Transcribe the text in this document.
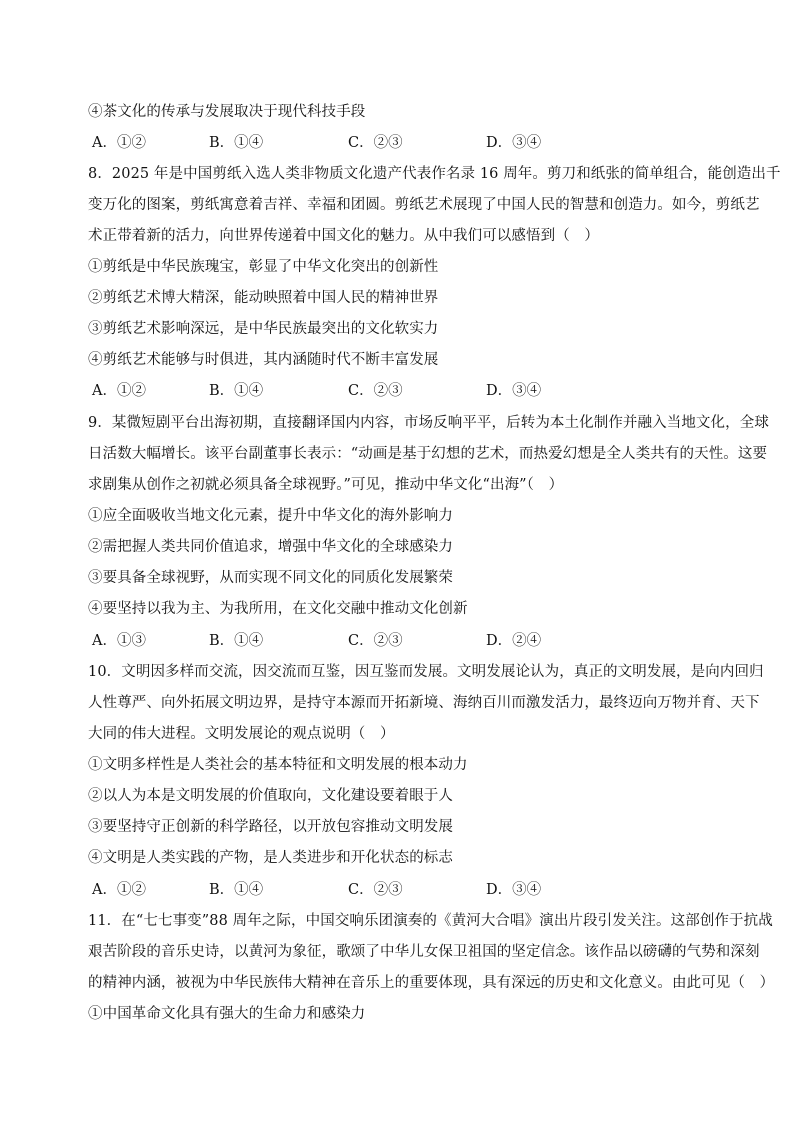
④茶文化的传承与发展取决于现代科技手段
A．①②	B．①④	C．②③	D．③④
8．2025 年是中国剪纸入选人类非物质文化遗产代表作名录 16 周年。剪刀和纸张的简单组合，能创造出千
变万化的图案，剪纸寓意着吉祥、幸福和团圆。剪纸艺术展现了中国人民的智慧和创造力。如今，剪纸艺
术正带着新的活力，向世界传递着中国文化的魅力。从中我们可以感悟到（　）
①剪纸是中华民族瑰宝，彰显了中华文化突出的创新性
②剪纸艺术博大精深，能动映照着中国人民的精神世界
③剪纸艺术影响深远，是中华民族最突出的文化软实力
④剪纸艺术能够与时俱进，其内涵随时代不断丰富发展
A．①②	B．①④	C．②③	D．③④
9．某微短剧平台出海初期，直接翻译国内内容，市场反响平平，后转为本土化制作并融入当地文化，全球
日活数大幅增长。该平台副董事长表示：“动画是基于幻想的艺术，而热爱幻想是全人类共有的天性。这要
求剧集从创作之初就必须具备全球视野。”可见，推动中华文化“出海”（　）
①应全面吸收当地文化元素，提升中华文化的海外影响力
②需把握人类共同价值追求，增强中华文化的全球感染力
③要具备全球视野，从而实现不同文化的同质化发展繁荣
④要坚持以我为主、为我所用，在文化交融中推动文化创新
A．①③	B．①④	C．②③	D．②④
10．文明因多样而交流，因交流而互鉴，因互鉴而发展。文明发展论认为，真正的文明发展，是向内回归
人性尊严、向外拓展文明边界，是持守本源而开拓新境、海纳百川而激发活力，最终迈向万物并育、天下
大同的伟大进程。文明发展论的观点说明（　）
①文明多样性是人类社会的基本特征和文明发展的根本动力
②以人为本是文明发展的价值取向，文化建设要着眼于人
③要坚持守正创新的科学路径，以开放包容推动文明发展
④文明是人类实践的产物，是人类进步和开化状态的标志
A．①②	B．①④	C．②③	D．③④
11．在“七七事变”88 周年之际，中国交响乐团演奏的《黄河大合唱》演出片段引发关注。这部创作于抗战
艰苦阶段的音乐史诗，以黄河为象征，歌颂了中华儿女保卫祖国的坚定信念。该作品以磅礴的气势和深刻
的精神内涵，被视为中华民族伟大精神在音乐上的重要体现，具有深远的历史和文化意义。由此可见（　）
①中国革命文化具有强大的生命力和感染力
